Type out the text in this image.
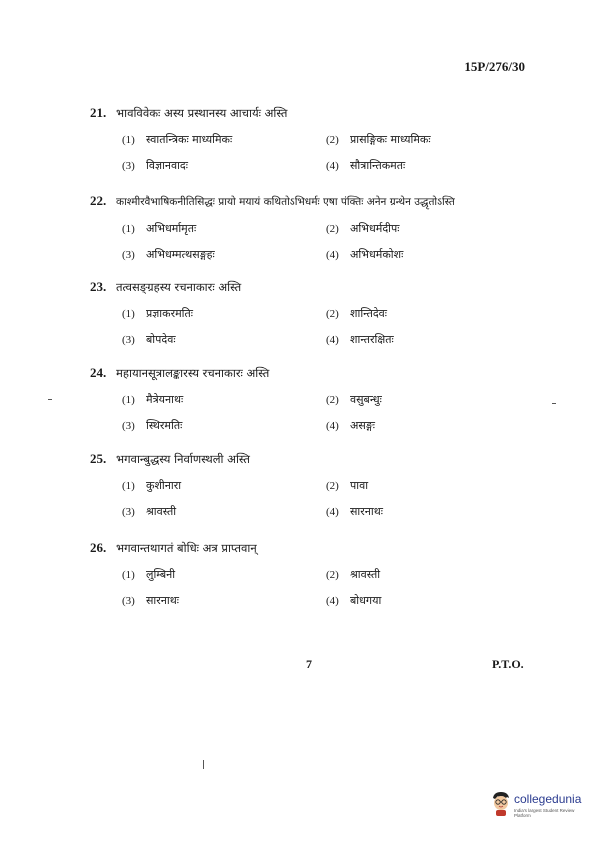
15P/276/30
21. भावविवेकः अस्य प्रस्थानस्य आचार्यः अस्ति
(1) स्वातन्त्रिकः माध्यमिकः	(2) प्रासङ्गिकः माध्यमिकः
(3) विज्ञानवादः	(4) सौत्रान्तिकमतः
22. काश्मीरवैभाषिकनीतिसिद्धः प्रायो मयायं कथितोऽभिधर्मः एषा पंक्तिः अनेन ग्रन्थेन उद्धृतोऽस्ति
(1) अभिधर्मामृतः	(2) अभिधर्मदीपः
(3) अभिधम्मत्थसङ्गहः	(4) अभिधर्मकोशः
23. तत्वसङ्ग्रहस्य रचनाकारः अस्ति
(1) प्रज्ञाकरमतिः	(2) शान्तिदेवः
(3) बोपदेवः	(4) शान्तरक्षितः
24. महायानसूत्रालङ्कारस्य रचनाकारः अस्ति
(1) मैत्रेयनाथः	(2) वसुबन्धुः
(3) स्थिरमतिः	(4) असङ्गः
25. भगवान्बुद्धस्य निर्वाणस्थली अस्ति
(1) कुशीनारा	(2) पावा
(3) श्रावस्ती	(4) सारनाथः
26. भगवान्तथागतं बोधिः अत्र प्राप्तवान्
(1) लुम्बिनी	(2) श्रावस्ती
(3) सारनाथः	(4) बोधगया
7	P.T.O.
collegedunia
India's largest Student Review Platform
